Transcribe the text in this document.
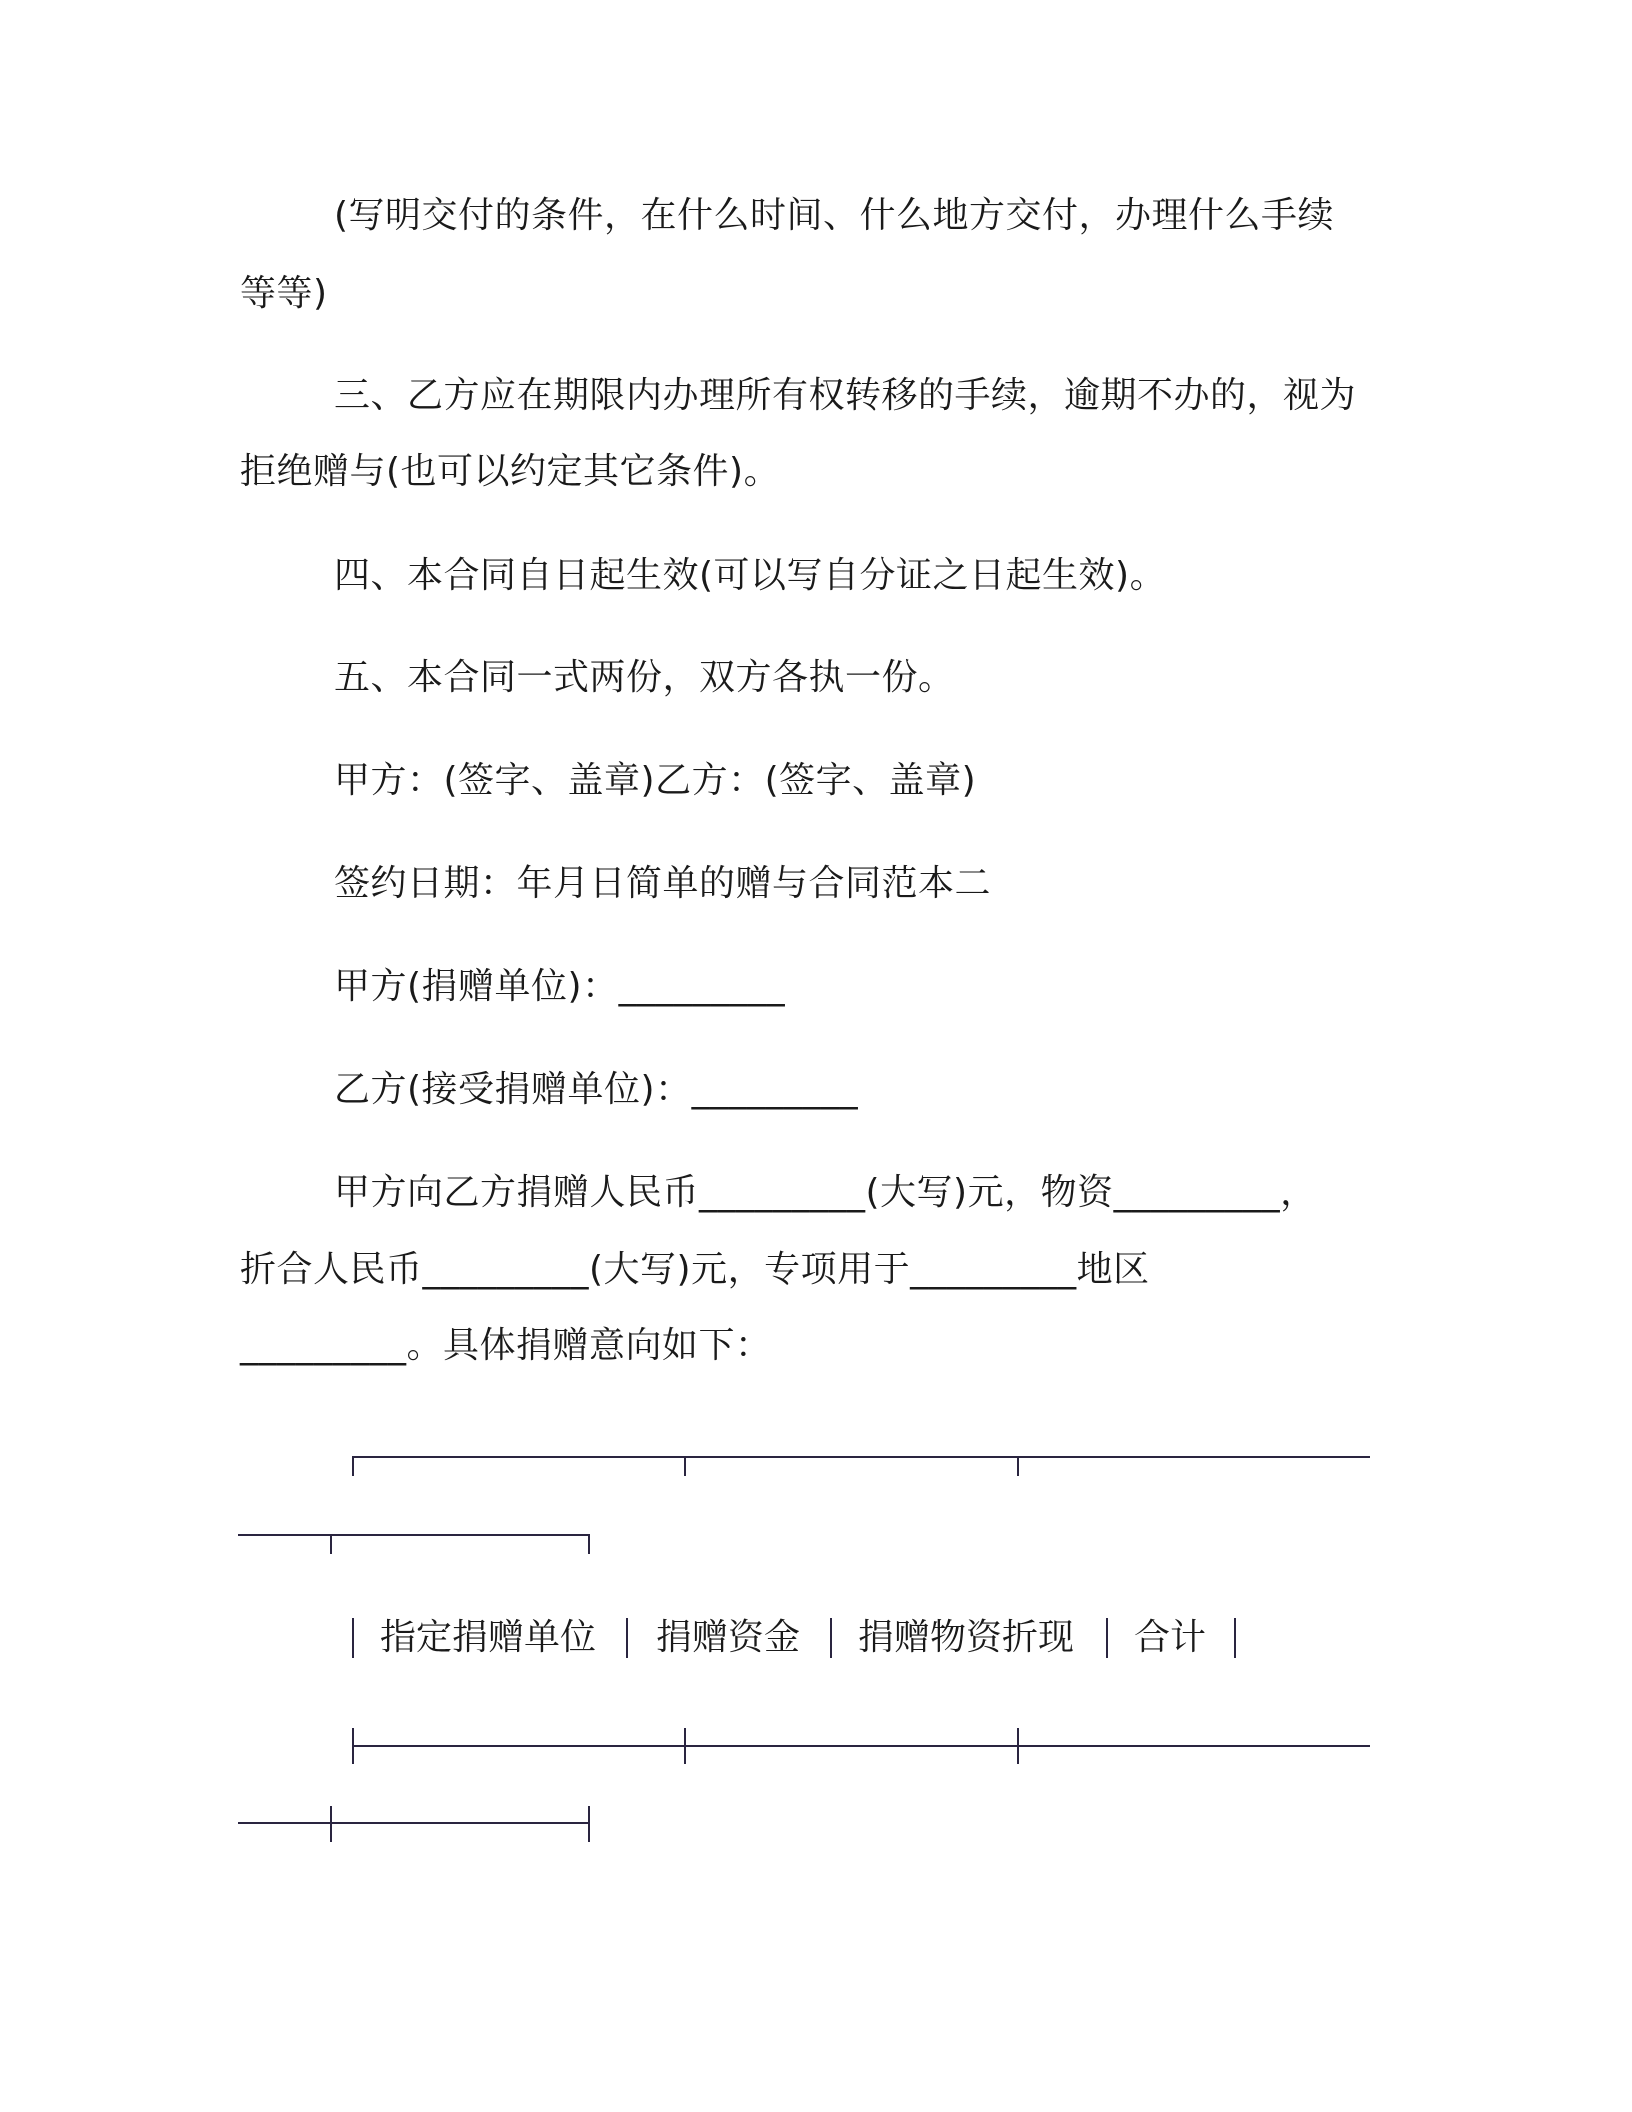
(写明交付的条件，在什么时间、什么地方交付，办理什么手续
等等)
三、乙方应在期限内办理所有权转移的手续，逾期不办的，视为
拒绝赠与(也可以约定其它条件)。
四、本合同自日起生效(可以写自分证之日起生效)。
五、本合同一式两份，双方各执一份。
甲方：(签字、盖章)乙方：(签字、盖章)
签约日期：年月日简单的赠与合同范本二
甲方(捐赠单位)：_________
乙方(接受捐赠单位)：_________
甲方向乙方捐赠人民币_________(大写)元，物资_________，
折合人民币_________(大写)元，专项用于_________地区
_________。具体捐赠意向如下：
指定捐赠单位 捐赠资金 捐赠物资折现 合计
